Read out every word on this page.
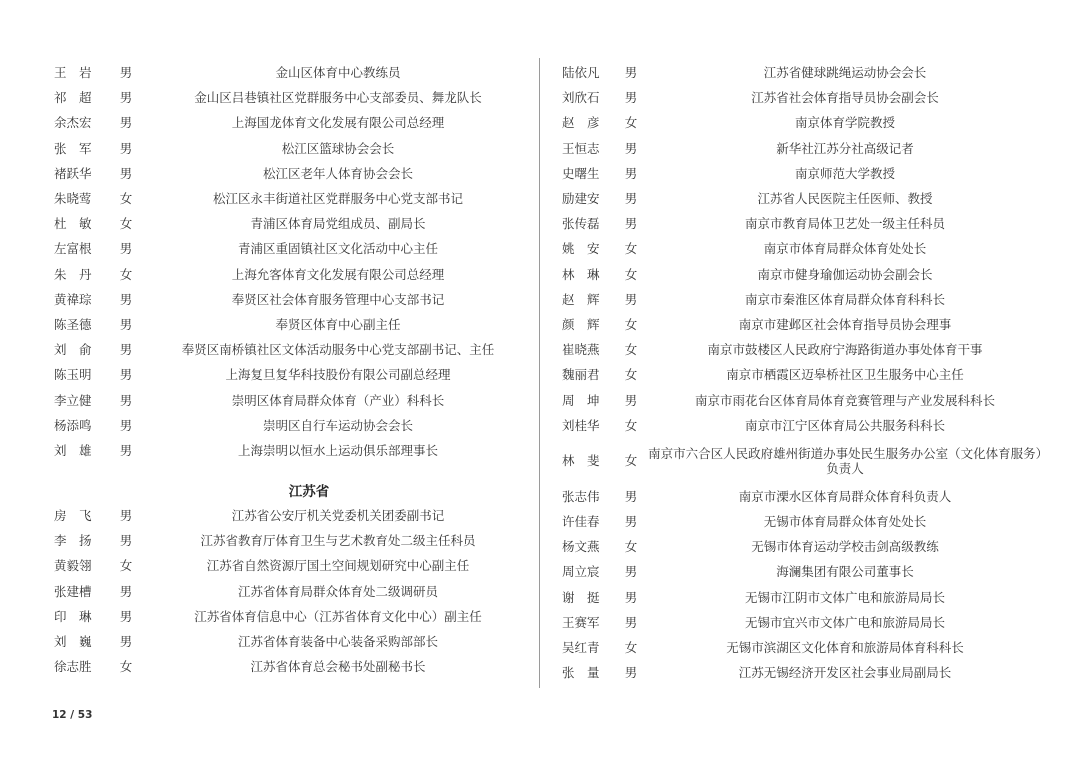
王　岩	男	金山区体育中心教练员
祁　超	男	金山区吕巷镇社区党群服务中心支部委员、舞龙队长
余杰宏	男	上海国龙体育文化发展有限公司总经理
张　军	男	松江区篮球协会会长
褚跃华	男	松江区老年人体育协会会长
朱晓莺	女	松江区永丰街道社区党群服务中心党支部书记
杜　敏	女	青浦区体育局党组成员、副局长
左富根	男	青浦区重固镇社区文化活动中心主任
朱　丹	女	上海允客体育文化发展有限公司总经理
黄禕琮	男	奉贤区社会体育服务管理中心支部书记
陈圣德	男	奉贤区体育中心副主任
刘　俞	男	奉贤区南桥镇社区文体活动服务中心党支部副书记、主任
陈玉明	男	上海复旦复华科技股份有限公司副总经理
李立健	男	崇明区体育局群众体育（产业）科科长
杨添鸣	男	崇明区自行车运动协会会长
刘　雄	男	上海崇明以恒水上运动俱乐部理事长
江苏省
房　飞	男	江苏省公安厅机关党委机关团委副书记
李　扬	男	江苏省教育厅体育卫生与艺术教育处二级主任科员
黄毅翎	女	江苏省自然资源厅国土空间规划研究中心副主任
张建槽	男	江苏省体育局群众体育处二级调研员
印　琳	男	江苏省体育信息中心（江苏省体育文化中心）副主任
刘　巍	男	江苏省体育装备中心装备采购部部长
徐志胜	女	江苏省体育总会秘书处副秘书长
陆依凡	男	江苏省健球跳绳运动协会会长
刘欣石	男	江苏省社会体育指导员协会副会长
赵　彦	女	南京体育学院教授
王恒志	男	新华社江苏分社高级记者
史曙生	男	南京师范大学教授
励建安	男	江苏省人民医院主任医师、教授
张传磊	男	南京市教育局体卫艺处一级主任科员
姚　安	女	南京市体育局群众体育处处长
林　琳	女	南京市健身瑜伽运动协会副会长
赵　辉	男	南京市秦淮区体育局群众体育科科长
颜　辉	女	南京市建邺区社会体育指导员协会理事
崔晓燕	女	南京市鼓楼区人民政府宁海路街道办事处体育干事
魏丽君	女	南京市栖霞区迈皋桥社区卫生服务中心主任
周　坤	男	南京市雨花台区体育局体育竞赛管理与产业发展科科长
刘桂华	女	南京市江宁区体育局公共服务科科长
林　斐	女 南京市六合区人民政府雄州街道办事处民生服务办公室（文化体育服务）负责人
张志伟	男	南京市溧水区体育局群众体育科负责人
许佳春	男	无锡市体育局群众体育处处长
杨文燕	女	无锡市体育运动学校击剑高级教练
周立宸	男	海澜集团有限公司董事长
谢　挺	男	无锡市江阴市文体广电和旅游局局长
王赛军	男	无锡市宜兴市文体广电和旅游局局长
吴红青	女	无锡市滨湖区文化体育和旅游局体育科科长
张　量	男	江苏无锡经济开发区社会事业局副局长
12 / 53
